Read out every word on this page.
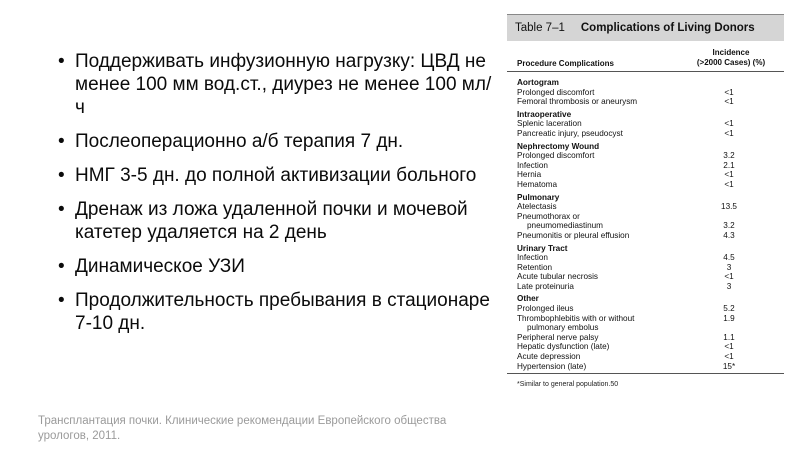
• Поддерживать инфузионную нагрузку: ЦВД не менее 100 мм вод.ст., диурез не менее 100 мл/ч
• Послеоперационно а/б терапия 7 дн.
• НМГ 3-5 дн. до полной активизации больного
• Дренаж из ложа удаленной почки и мочевой катетер удаляется на 2 день
• Динамическое УЗИ
• Продолжительность пребывания в стационаре 7-10 дн.
Трансплантация почки. Клинические рекомендации Европейского общества урологов, 2011.
Table 7–1 Complications of Living Donors
Procedure Complications
Incidence
(>2000 Cases) (%)
Aortogram
Prolonged discomfort	<1
Femoral thrombosis or aneurysm	<1
Intraoperative
Splenic laceration	<1
Pancreatic injury, pseudocyst	<1
Nephrectomy Wound
Prolonged discomfort	3.2
Infection	2.1
Hernia	<1
Hematoma	<1
Pulmonary
Atelectasis	13.5
Pneumothorax or
pneumomediastinum	3.2
Pneumonitis or pleural effusion	4.3
Urinary Tract
Infection	4.5
Retention	3
Acute tubular necrosis	<1
Late proteinuria	3
Other
Prolonged ileus	5.2
Thrombophlebitis with or without	1.9
pulmonary embolus
Peripheral nerve palsy	1.1
Hepatic dysfunction (late)	<1
Acute depression	<1
Hypertension (late)	15*
*Similar to general population.50
